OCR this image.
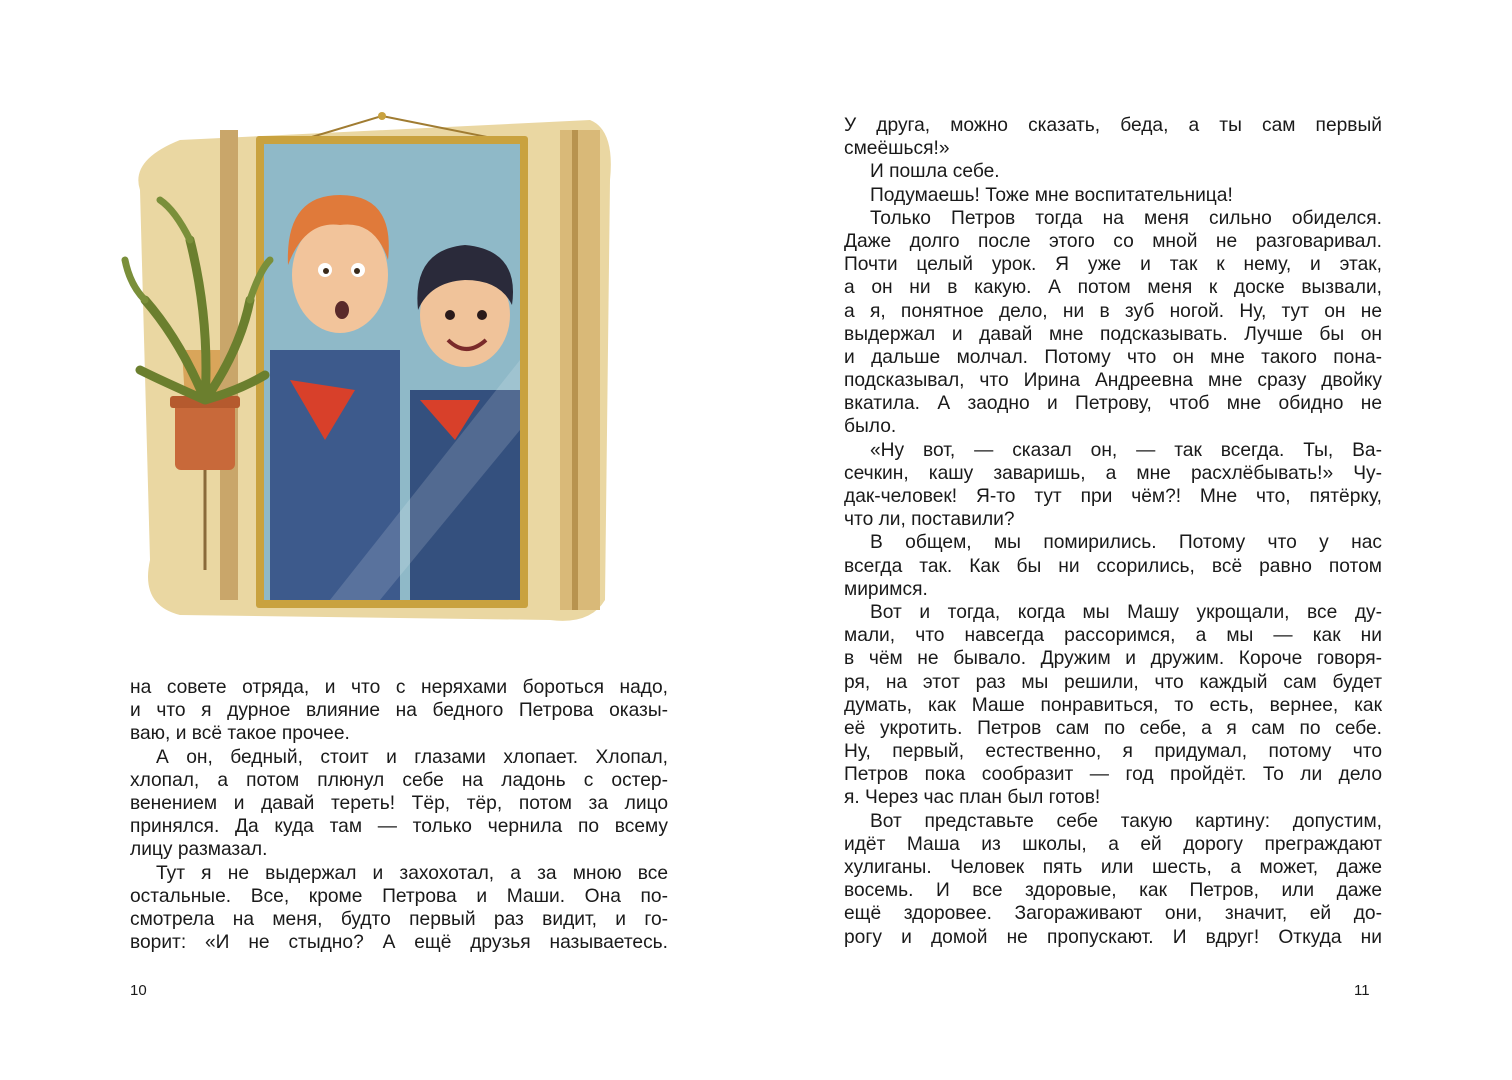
на совете отряда, и что с неряхами бороться надо,
и что я дурное влияние на бедного Петрова оказы-
ваю, и всё такое прочее.
А он, бедный, стоит и глазами хлопает. Хлопал,
хлопал, а потом плюнул себе на ладонь с остер-
венением и давай тереть! Тёр, тёр, потом за лицо
принялся. Да куда там — только чернила по всему
лицу размазал.
Тут я не выдержал и захохотал, а за мною все
остальные. Все, кроме Петрова и Маши. Она по-
смотрела на меня, будто первый раз видит, и го-
ворит: «И не стыдно? А ещё друзья называетесь.
10
У друга, можно сказать, беда, а ты сам первый
смеёшься!»
И пошла себе.
Подумаешь! Тоже мне воспитательница!
Только Петров тогда на меня сильно обиделся.
Даже долго после этого со мной не разговаривал.
Почти целый урок. Я уже и так к нему, и этак,
а он ни в какую. А потом меня к доске вызвали,
а я, понятное дело, ни в зуб ногой. Ну, тут он не
выдержал и давай мне подсказывать. Лучше бы он
и дальше молчал. Потому что он мне такого пона-
подсказывал, что Ирина Андреевна мне сразу двойку
вкатила. А заодно и Петрову, чтоб мне обидно не
было.
«Ну вот, — сказал он, — так всегда. Ты, Ва-
сечкин, кашу заваришь, а мне расхлёбывать!» Чу-
дак-человек! Я-то тут при чём?! Мне что, пятёрку,
что ли, поставили?
В общем, мы помирились. Потому что у нас
всегда так. Как бы ни ссорились, всё равно потом
миримся.
Вот и тогда, когда мы Машу укрощали, все ду-
мали, что навсегда рассоримся, а мы — как ни
в чём не бывало. Дружим и дружим. Короче говоря-
ря, на этот раз мы решили, что каждый сам будет
думать, как Маше понравиться, то есть, вернее, как
её укротить. Петров сам по себе, а я сам по себе.
Ну, первый, естественно, я придумал, потому что
Петров пока сообразит — год пройдёт. То ли дело
я. Через час план был готов!
Вот представьте себе такую картину: допустим,
идёт Маша из школы, а ей дорогу преграждают
хулиганы. Человек пять или шесть, а может, даже
восемь. И все здоровые, как Петров, или даже
ещё здоровее. Загораживают они, значит, ей до-
рогу и домой не пропускают. И вдруг! Откуда ни
11
